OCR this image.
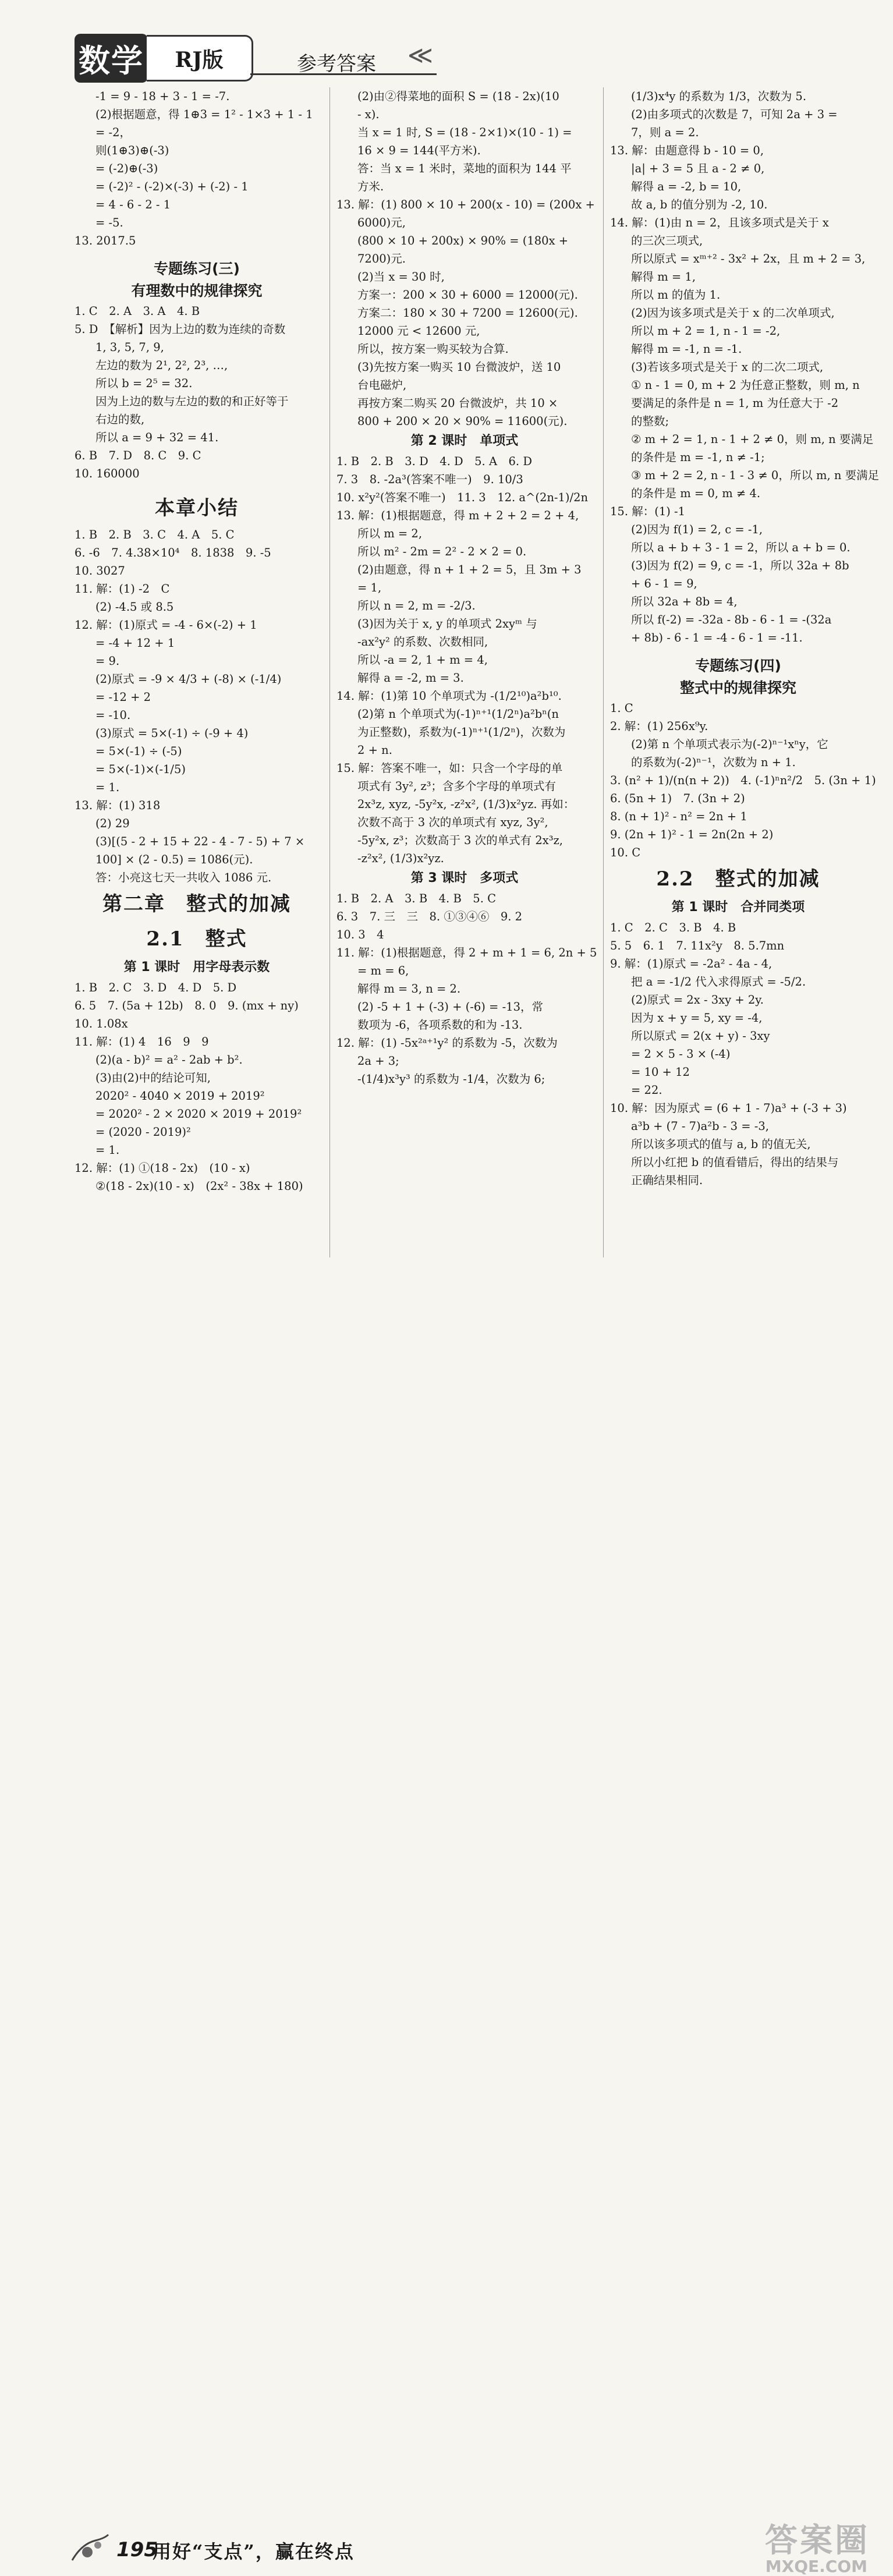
数学	RJ版	参考答案 ≪
-1 = 9 - 18 + 3 - 1 = -7.
(2)根据题意，得 1⊕3 = 1² - 1×3 + 1 - 1
= -2，
则(1⊕3)⊕(-3)
= (-2)⊕(-3)
= (-2)² - (-2)×(-3) + (-2) - 1
= 4 - 6 - 2 - 1
= -5.
13. 2017.5
专题练习(三)
有理数中的规律探究
1. C　2. A　3. A　4. B
5. D　【解析】因为上边的数为连续的奇数
1, 3, 5, 7, 9,
左边的数为 2¹, 2², 2³, …,
所以 b = 2⁵ = 32.
因为上边的数与左边的数的和正好等于
右边的数,
所以 a = 9 + 32 = 41.
6. B　7. D　8. C　9. C
10. 160000
本章小结
1. B　2. B　3. C　4. A　5. C
6. -6　7. 4.38×10⁴　8. 1838　9. -5
10. 3027
11. 解：(1) -2　C
(2) -4.5 或 8.5
12. 解：(1)原式 = -4 - 6×(-2) + 1
= -4 + 12 + 1
= 9.
(2)原式 = -9 × 4/3 + (-8) × (-1/4)
= -12 + 2
= -10.
(3)原式 = 5×(-1) ÷ (-9 + 4)
= 5×(-1) ÷ (-5)
= 5×(-1)×(-1/5)
= 1.
13. 解：(1) 318
(2) 29
(3)[(5 - 2 + 15 + 22 - 4 - 7 - 5) + 7 ×
100] × (2 - 0.5) = 1086(元).
答：小亮这七天一共收入 1086 元.
第二章　整式的加减
2.1　整式
第 1 课时　用字母表示数
1. B　2. C　3. D　4. D　5. D
6. 5　7. (5a + 12b)　8. 0　9. (mx + ny)
10. 1.08x
11. 解：(1) 4　16　9　9
(2)(a - b)² = a² - 2ab + b².
(3)由(2)中的结论可知,
2020² - 4040 × 2019 + 2019²
= 2020² - 2 × 2020 × 2019 + 2019²
= (2020 - 2019)²
= 1.
12. 解：(1) ①(18 - 2x)　(10 - x)
②(18 - 2x)(10 - x)　(2x² - 38x + 180)
(2)由②得菜地的面积 S = (18 - 2x)(10
- x).
当 x = 1 时, S = (18 - 2×1)×(10 - 1) =
16 × 9 = 144(平方米).
答：当 x = 1 米时，菜地的面积为 144 平
方米.
13. 解：(1) 800 × 10 + 200(x - 10) = (200x +
6000)元,
(800 × 10 + 200x) × 90% = (180x +
7200)元.
(2)当 x = 30 时,
方案一：200 × 30 + 6000 = 12000(元).
方案二：180 × 30 + 7200 = 12600(元).
12000 元 < 12600 元,
所以，按方案一购买较为合算.
(3)先按方案一购买 10 台微波炉，送 10
台电磁炉,
再按方案二购买 20 台微波炉，共 10 ×
800 + 200 × 20 × 90% = 11600(元).
第 2 课时　单项式
1. B　2. B　3. D　4. D　5. A　6. D
7. 3　8. -2a³(答案不唯一)　9. 10/3
10. x²y²(答案不唯一)　11. 3　12. a^(2n-1)/2n
13. 解：(1)根据题意，得 m + 2 + 2 = 2 + 4,
所以 m = 2,
所以 m² - 2m = 2² - 2 × 2 = 0.
(2)由题意，得 n + 1 + 2 = 5，且 3m + 3
= 1,
所以 n = 2, m = -2/3.
(3)因为关于 x, y 的单项式 2xyᵐ 与
-ax²y² 的系数、次数相同,
所以 -a = 2, 1 + m = 4,
解得 a = -2, m = 3.
14. 解：(1)第 10 个单项式为 -(1/2¹⁰)a²b¹⁰.
(2)第 n 个单项式为(-1)ⁿ⁺¹(1/2ⁿ)a²bⁿ(n
为正整数)，系数为(-1)ⁿ⁺¹(1/2ⁿ)，次数为
2 + n.
15. 解：答案不唯一，如：只含一个字母的单
项式有 3y², z³；含多个字母的单项式有
2x³z, xyz, -5y²x, -z²x², (1/3)x²yz. 再如：
次数不高于 3 次的单项式有 xyz, 3y²,
-5y²x, z³；次数高于 3 次的单式有 2x³z,
-z²x², (1/3)x²yz.
第 3 课时　多项式
1. B　2. A　3. B　4. B　5. C
6. 3　7. 三　三　8. ①③④⑥　9. 2
10. 3　4
11. 解：(1)根据题意，得 2 + m + 1 = 6, 2n + 5
= m = 6,
解得 m = 3, n = 2.
(2) -5 + 1 + (-3) + (-6) = -13，常
数项为 -6，各项系数的和为 -13.
12. 解：(1) -5x²ᵃ⁺¹y² 的系数为 -5，次数为
2a + 3;
-(1/4)x³y³ 的系数为 -1/4，次数为 6;
(1/3)x⁴y 的系数为 1/3，次数为 5.
(2)由多项式的次数是 7，可知 2a + 3 =
7，则 a = 2.
13. 解：由题意得 b - 10 = 0,
|a| + 3 = 5 且 a - 2 ≠ 0,
解得 a = -2, b = 10,
故 a, b 的值分别为 -2, 10.
14. 解：(1)由 n = 2，且该多项式是关于 x
的三次三项式,
所以原式 = xᵐ⁺² - 3x² + 2x，且 m + 2 = 3,
解得 m = 1,
所以 m 的值为 1.
(2)因为该多项式是关于 x 的二次单项式,
所以 m + 2 = 1, n - 1 = -2,
解得 m = -1, n = -1.
(3)若该多项式是关于 x 的二次二项式,
① n - 1 = 0, m + 2 为任意正整数，则 m, n
要满足的条件是 n = 1, m 为任意大于 -2
的整数;
② m + 2 = 1, n - 1 + 2 ≠ 0，则 m, n 要满足
的条件是 m = -1, n ≠ -1;
③ m + 2 = 2, n - 1 - 3 ≠ 0，所以 m, n 要满足
的条件是 m = 0, m ≠ 4.
15. 解：(1) -1
(2)因为 f(1) = 2, c = -1,
所以 a + b + 3 - 1 = 2，所以 a + b = 0.
(3)因为 f(2) = 9, c = -1，所以 32a + 8b
+ 6 - 1 = 9,
所以 32a + 8b = 4,
所以 f(-2) = -32a - 8b - 6 - 1 = -(32a
+ 8b) - 6 - 1 = -4 - 6 - 1 = -11.
专题练习(四)
整式中的规律探究
1. C
2. 解：(1) 256x⁹y.
(2)第 n 个单项式表示为(-2)ⁿ⁻¹xⁿy，它
的系数为(-2)ⁿ⁻¹，次数为 n + 1.
3. (n² + 1)/(n(n + 2))　4. (-1)ⁿn²/2　5. (3n + 1)
6. (5n + 1)　7. (3n + 2)
8. (n + 1)² - n² = 2n + 1
9. (2n + 1)² - 1 = 2n(2n + 2)
10. C
2.2　整式的加减
第 1 课时　合并同类项
1. C　2. C　3. B　4. B
5. 5　6. 1　7. 11x²y　8. 5.7mn
9. 解：(1)原式 = -2a² - 4a - 4,
把 a = -1/2 代入求得原式 = -5/2.
(2)原式 = 2x - 3xy + 2y.
因为 x + y = 5, xy = -4,
所以原式 = 2(x + y) - 3xy
= 2 × 5 - 3 × (-4)
= 10 + 12
= 22.
10. 解：因为原式 = (6 + 1 - 7)a³ + (-3 + 3)
a³b + (7 - 7)a²b - 3 = -3,
所以该多项式的值与 a, b 的值无关,
所以小红把 b 的值看错后，得出的结果与
正确结果相同.
195
用好“支点”，赢在终点	答案圈
MXQE.COM
